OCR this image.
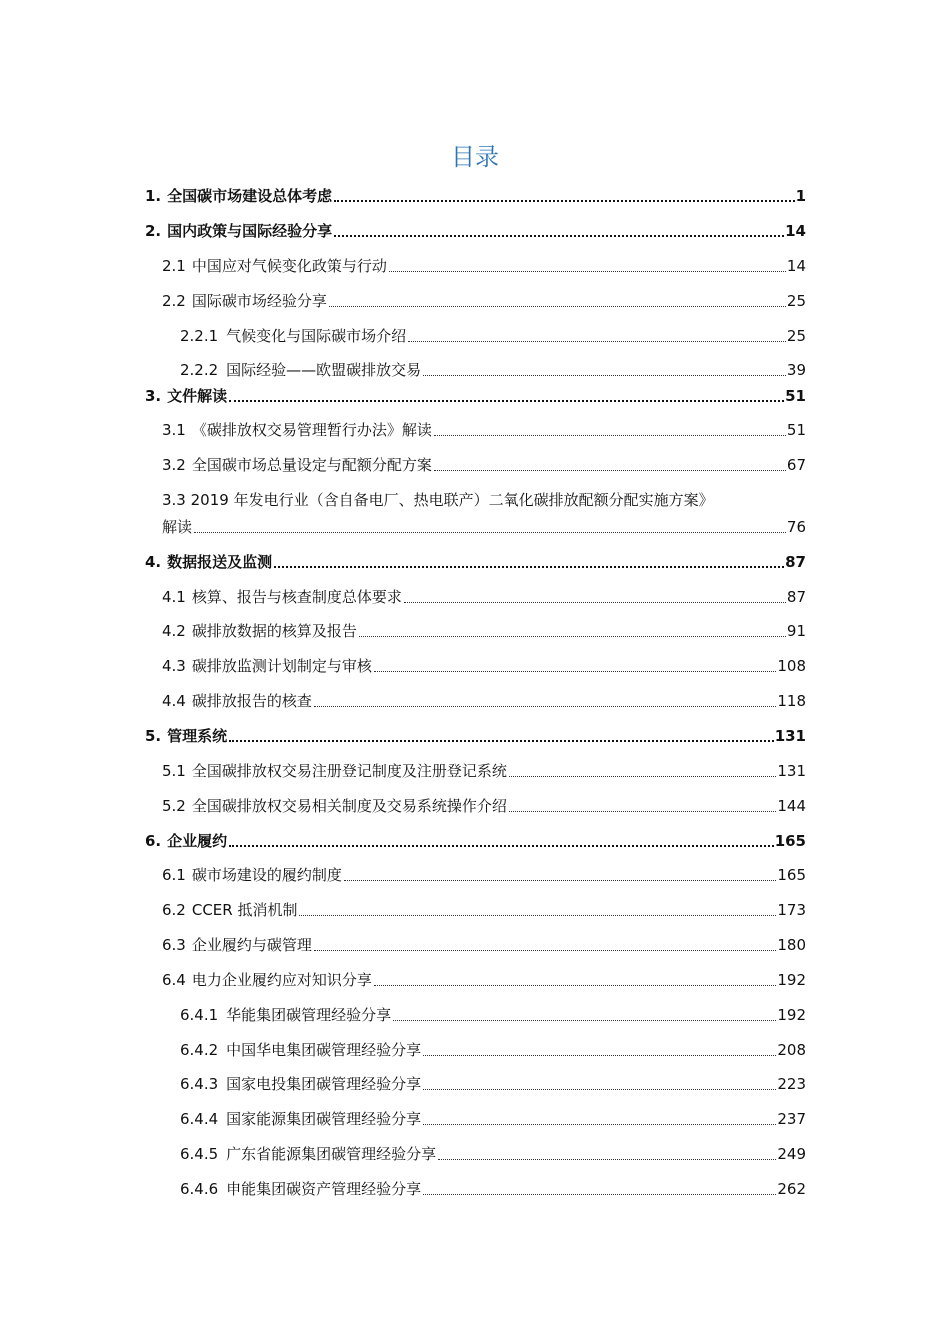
目录
1. 全国碳市场建设总体考虑	1
2. 国内政策与国际经验分享	14
2.1 中国应对气候变化政策与行动	14
2.2 国际碳市场经验分享	25
2.2.1 气候变化与国际碳市场介绍	25
2.2.2 国际经验——欧盟碳排放交易	39
3. 文件解读	51
3.1 《碳排放权交易管理暂行办法》解读	51
3.2 全国碳市场总量设定与配额分配方案	67
3.3 2019 年发电行业（含自备电厂、热电联产）二氧化碳排放配额分配实施方案》
解读	76
4. 数据报送及监测	87
4.1 核算、报告与核查制度总体要求	87
4.2 碳排放数据的核算及报告	91
4.3 碳排放监测计划制定与审核	108
4.4 碳排放报告的核查	118
5. 管理系统	131
5.1 全国碳排放权交易注册登记制度及注册登记系统	131
5.2 全国碳排放权交易相关制度及交易系统操作介绍	144
6. 企业履约	165
6.1 碳市场建设的履约制度	165
6.2 CCER 抵消机制	173
6.3 企业履约与碳管理	180
6.4 电力企业履约应对知识分享	192
6.4.1 华能集团碳管理经验分享	192
6.4.2 中国华电集团碳管理经验分享	208
6.4.3 国家电投集团碳管理经验分享	223
6.4.4 国家能源集团碳管理经验分享	237
6.4.5 广东省能源集团碳管理经验分享	249
6.4.6 申能集团碳资产管理经验分享	262
